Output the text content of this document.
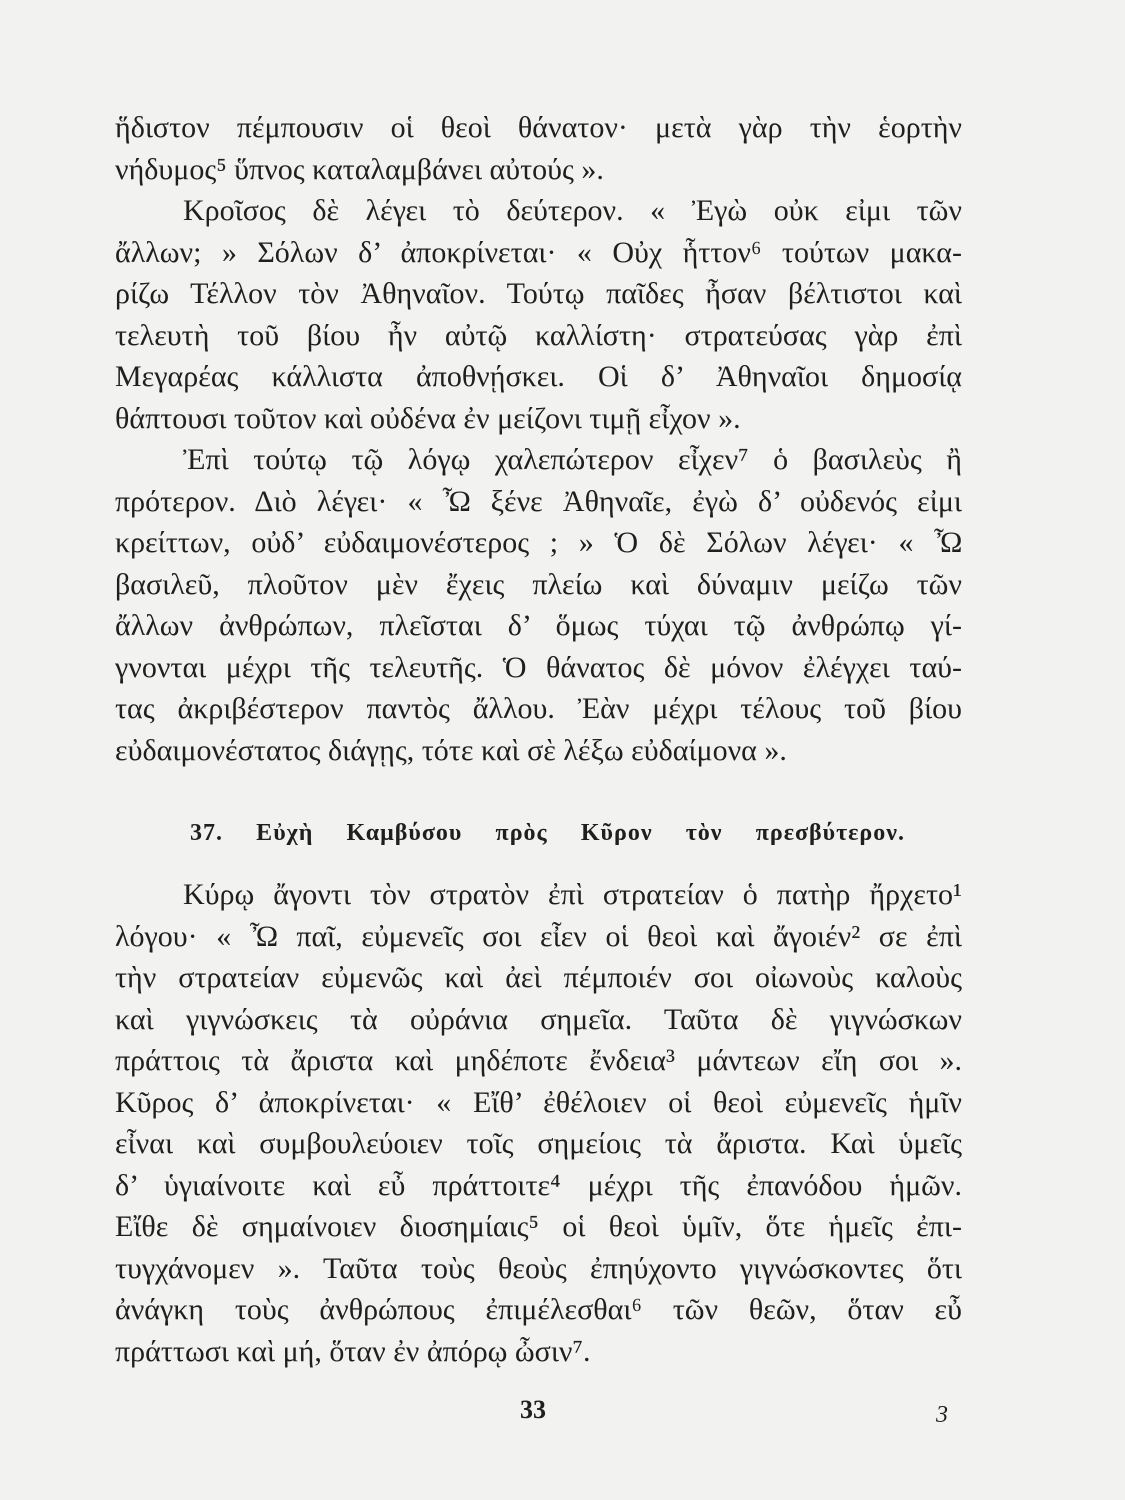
ἥδιστον πέμπουσιν οἱ θεοὶ θάνατον· μετὰ γὰρ τὴν ἑορτὴν
νήδυμος⁵ ὕπνος καταλαμβάνει αὐτούς ».
Κροῖσος δὲ λέγει τὸ δεύτερον. « Ἐγὼ οὐκ εἰμι τῶν
ἄλλων; » Σόλων δ’ ἀποκρίνεται· « Οὐχ ἧττον⁶ τούτων μακα-
ρίζω Τέλλον τὸν Ἀθηναῖον. Τούτῳ παῖδες ἦσαν βέλτιστοι καὶ
τελευτὴ τοῦ βίου ἦν αὐτῷ καλλίστη· στρατεύσας γὰρ ἐπὶ
Μεγαρέας κάλλιστα ἀποθνῄσκει. Οἱ δ’ Ἀθηναῖοι δημοσίᾳ
θάπτουσι τοῦτον καὶ οὐδένα ἐν μείζονι τιμῇ εἶχον ».
Ἐπὶ τούτῳ τῷ λόγῳ χαλεπώτερον εἶχεν⁷ ὁ βασιλεὺς ἢ
πρότερον. Διὸ λέγει· « Ὦ ξένε Ἀθηναῖε, ἐγὼ δ’ οὐδενός εἰμι
κρείττων, οὐδ’ εὐδαιμονέστερος ; » Ὁ δὲ Σόλων λέγει· « Ὦ
βασιλεῦ, πλοῦτον μὲν ἔχεις πλείω καὶ δύναμιν μείζω τῶν
ἄλλων ἀνθρώπων, πλεῖσται δ’ ὅμως τύχαι τῷ ἀνθρώπῳ γί-
γνονται μέχρι τῆς τελευτῆς. Ὁ θάνατος δὲ μόνον ἐλέγχει ταύ-
τας ἀκριβέστερον παντὸς ἄλλου. Ἐὰν μέχρι τέλους τοῦ βίου
εὐδαιμονέστατος διάγῃς, τότε καὶ σὲ λέξω εὐδαίμονα ».
37. Εὐχὴ Καμβύσου πρὸς Κῦρον τὸν πρεσβύτερον.
Κύρῳ ἄγοντι τὸν στρατὸν ἐπὶ στρατείαν ὁ πατὴρ ἤρχετο¹
λόγου· « Ὦ παῖ, εὐμενεῖς σοι εἶεν οἱ θεοὶ καὶ ἄγοιέν² σε ἐπὶ
τὴν στρατείαν εὐμενῶς καὶ ἀεὶ πέμποιέν σοι οἰωνοὺς καλοὺς
καὶ γιγνώσκεις τὰ οὐράνια σημεῖα. Ταῦτα δὲ γιγνώσκων
πράττοις τὰ ἄριστα καὶ μηδέποτε ἔνδεια³ μάντεων εἴη σοι ».
Κῦρος δ’ ἀποκρίνεται· « Εἴθ’ ἐθέλοιεν οἱ θεοὶ εὐμενεῖς ἡμῖν
εἶναι καὶ συμβουλεύοιεν τοῖς σημείοις τὰ ἄριστα. Καὶ ὑμεῖς
δ’ ὑγιαίνοιτε καὶ εὖ πράττοιτε⁴ μέχρι τῆς ἐπανόδου ἡμῶν.
Εἴθε δὲ σημαίνοιεν διοσημίαις⁵ οἱ θεοὶ ὑμῖν, ὅτε ἡμεῖς ἐπι-
τυγχάνομεν ». Ταῦτα τοὺς θεοὺς ἐπηύχοντο γιγνώσκοντες ὅτι
ἀνάγκη τοὺς ἀνθρώπους ἐπιμέλεσθαι⁶ τῶν θεῶν, ὅταν εὖ
πράττωσι καὶ μή, ὅταν ἐν ἀπόρῳ ὦσιν⁷.
33	3
